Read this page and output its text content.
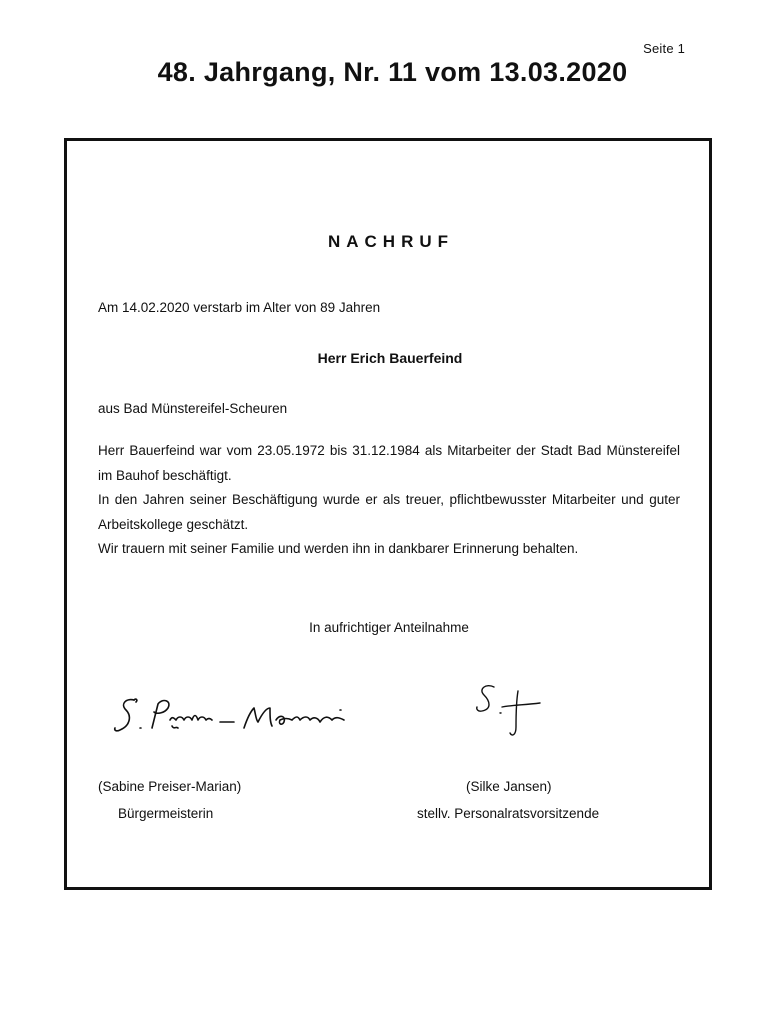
Seite 1
48. Jahrgang, Nr. 11 vom 13.03.2020
NACHRUF
Am 14.02.2020 verstarb im Alter von 89 Jahren
Herr Erich Bauerfeind
aus Bad Münstereifel-Scheuren

Herr Bauerfeind war vom 23.05.1972 bis 31.12.1984 als Mitarbeiter der Stadt Bad Münstereifel im Bauhof beschäftigt.

In den Jahren seiner Beschäftigung wurde er als treuer, pflichtbewusster Mitarbeiter und guter Arbeitskollege geschätzt.

Wir trauern mit seiner Familie und werden ihn in dankbarer Erinnerung behalten.

In aufrichtiger Anteilnahme
(Sabine Preiser-Marian)
Bürgermeisterin
(Silke Jansen)
stellv. Personalratsvorsitzende
